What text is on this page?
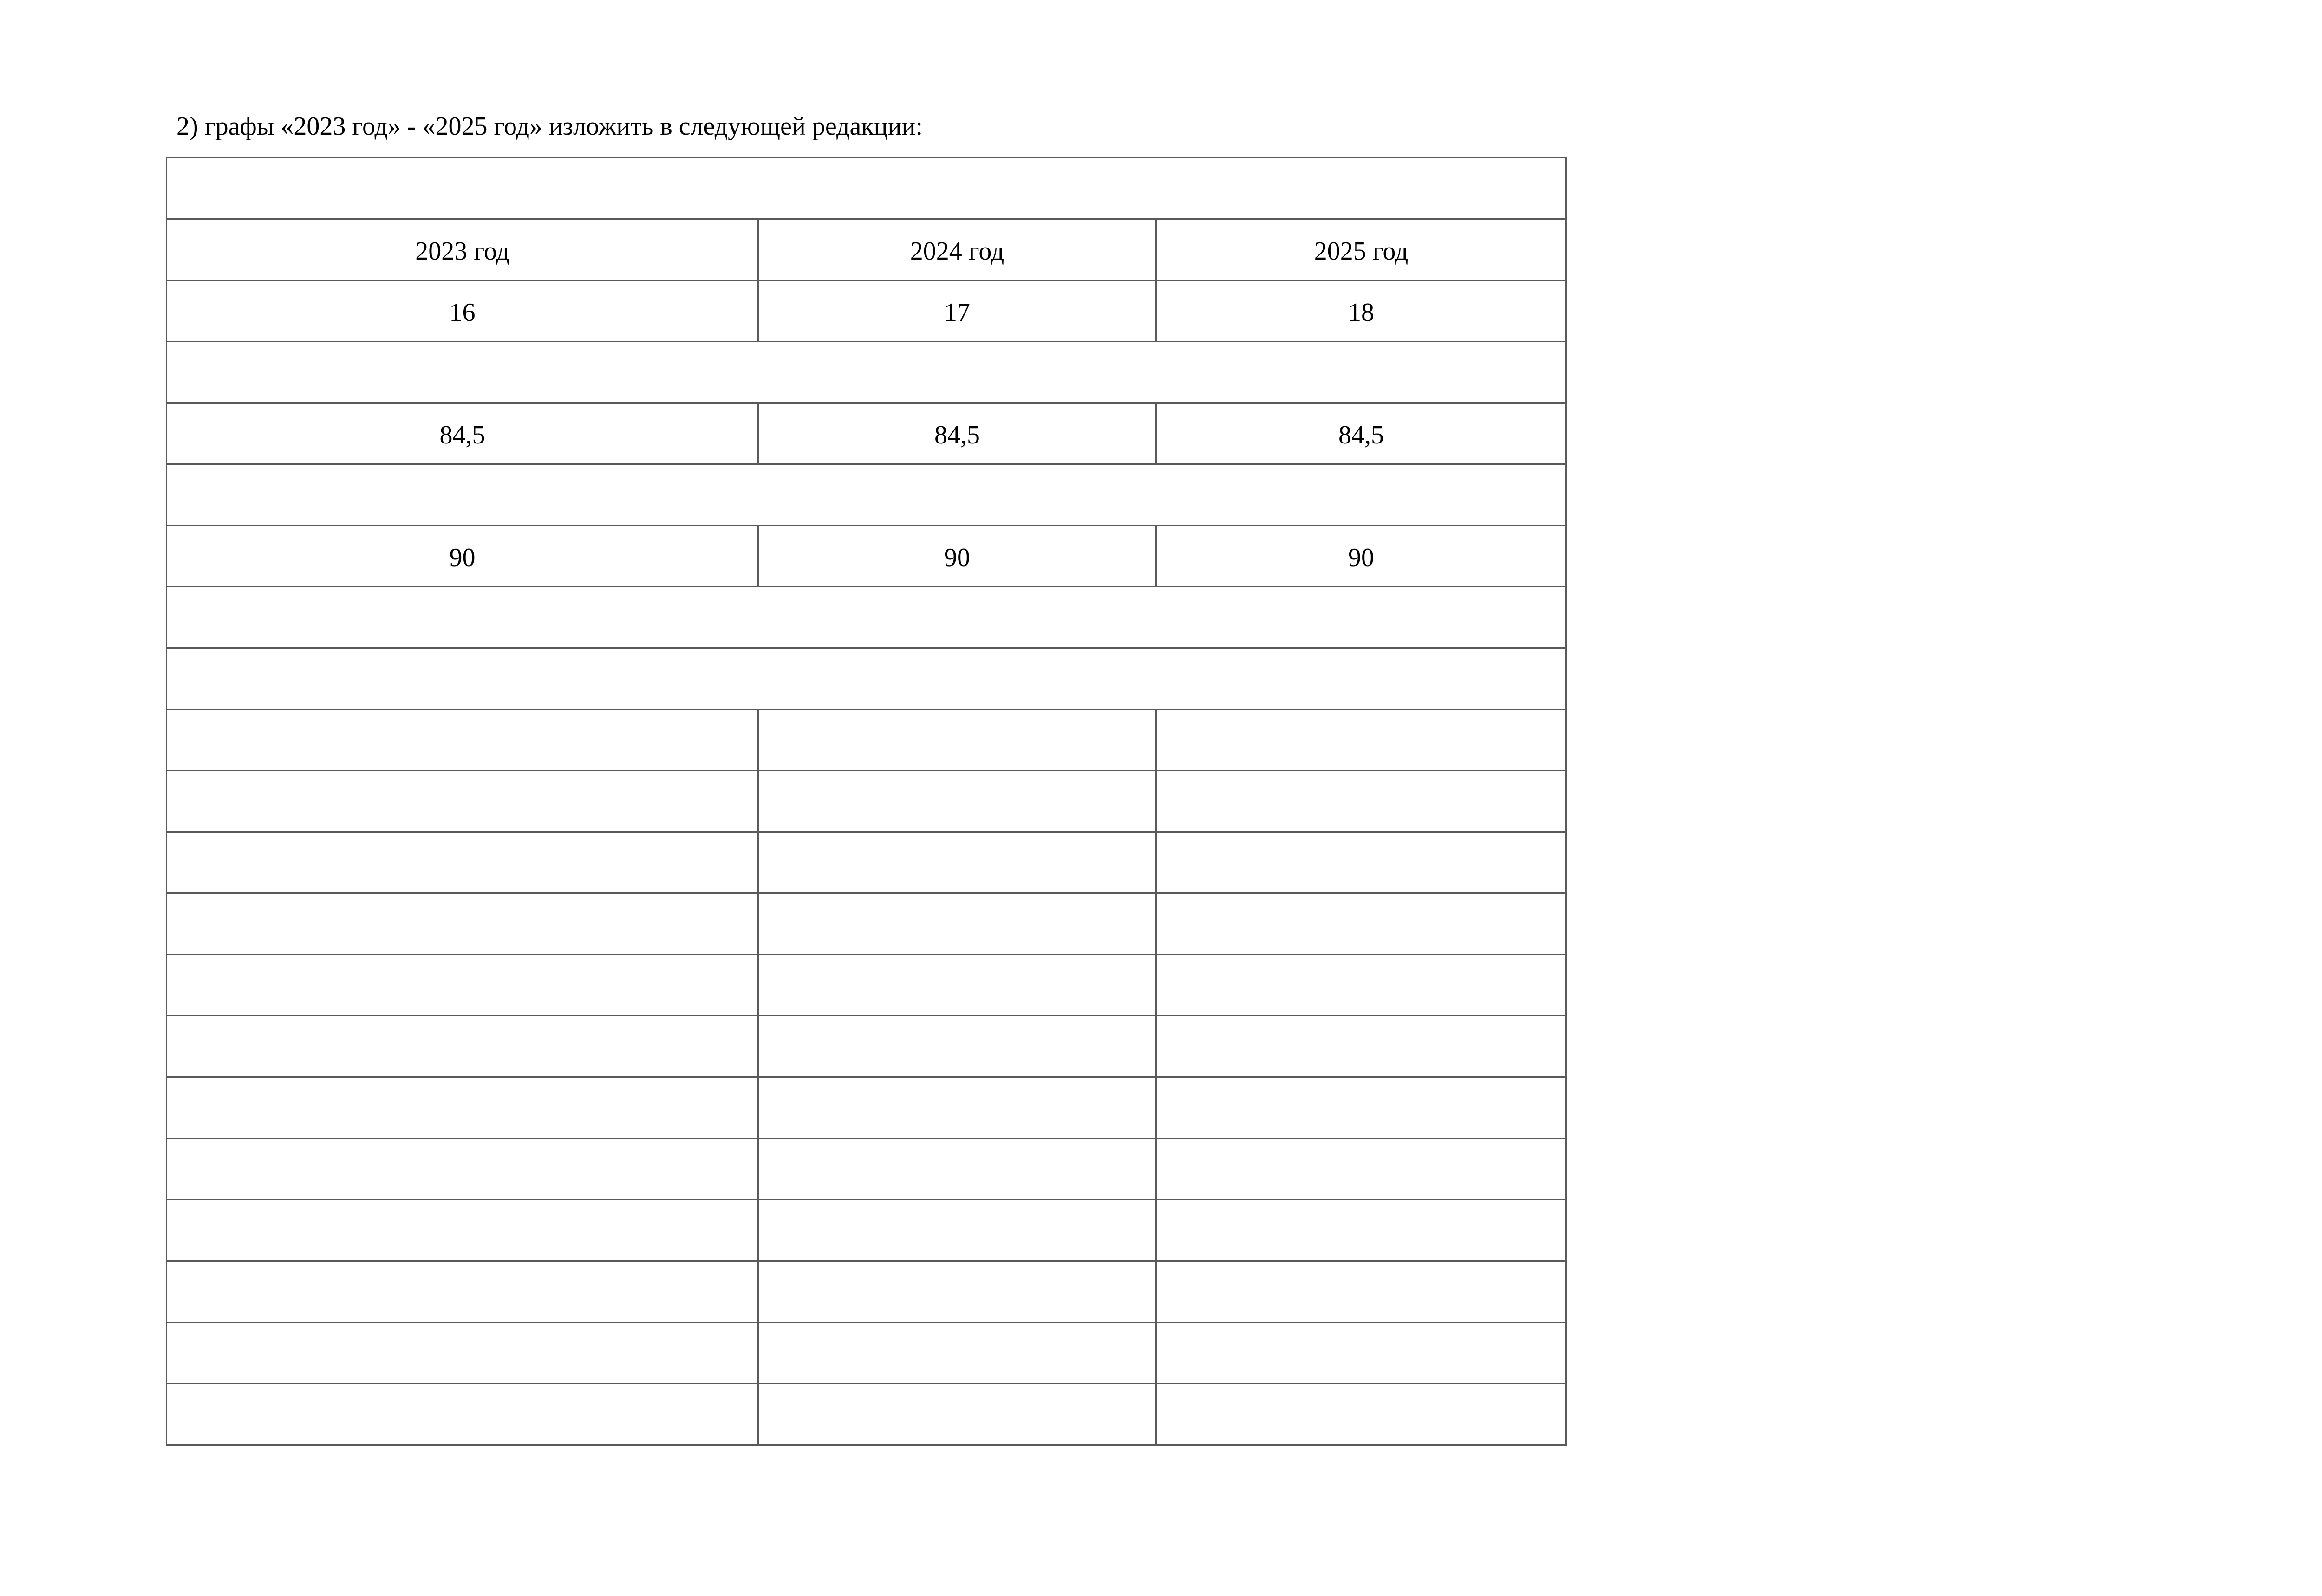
2) графы «2023 год» - «2025 год» изложить в следующей редакции:

2023 год	2024 год	2025 год
16	17	18

84,5	84,5	84,5

90	90	90
